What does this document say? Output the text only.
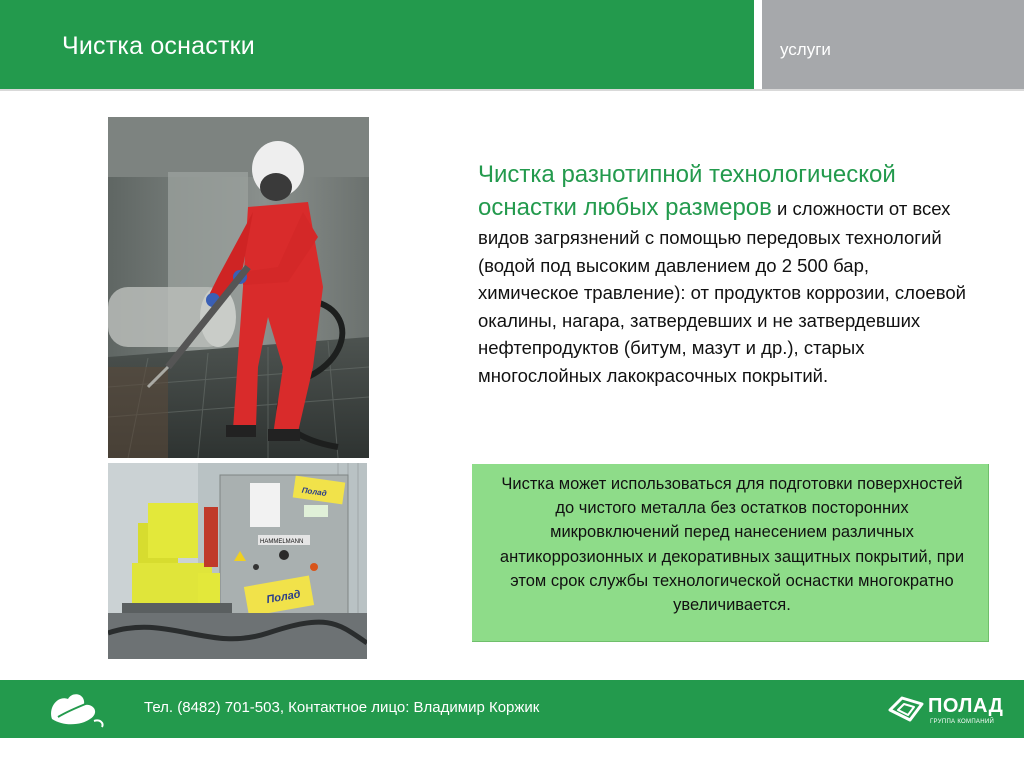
Чистка оснастки	услуги
Полад
HAMMELMANN
Полад
Чистка разнотипной технологической оснастки любых размеров и сложности от всех видов загрязнений с помощью передовых технологий (водой под высоким давлением до 2 500 бар, химическое травление): от продуктов коррозии, слоевой окалины, нагара, затвердевших и не затвердевших нефтепродуктов (битум, мазут и др.), старых многослойных лакокрасочных покрытий.
Чистка может использоваться для подготовки поверхностей до чистого металла без остатков посторонних микровключений перед нанесением различных антикоррозионных и декоративных защитных покрытий, при этом срок службы технологической оснастки многократно увеличивается.
Тел. (8482) 701-503, Контактное лицо: Владимир Коржик	ПОЛАД
ГРУППА КОМПАНИЙ
